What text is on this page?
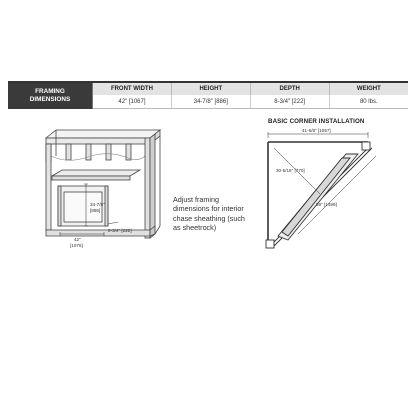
FRAMING
DIMENSIONS	FRONT WIDTH	HEIGHT	DEPTH	WEIGHT
	42" [1067]	34-7/8" [886]	8-3/4" [222]	80 lbs.
34-7/8"
[886]
8-3/4" [222]
42"
[1076]
Adjust framing dimensions for interior chase sheathing (such as sheetrock)
BASIC CORNER INSTALLATION
41-5/8" [1057]
30-5/16" [770]
59" [1499]
